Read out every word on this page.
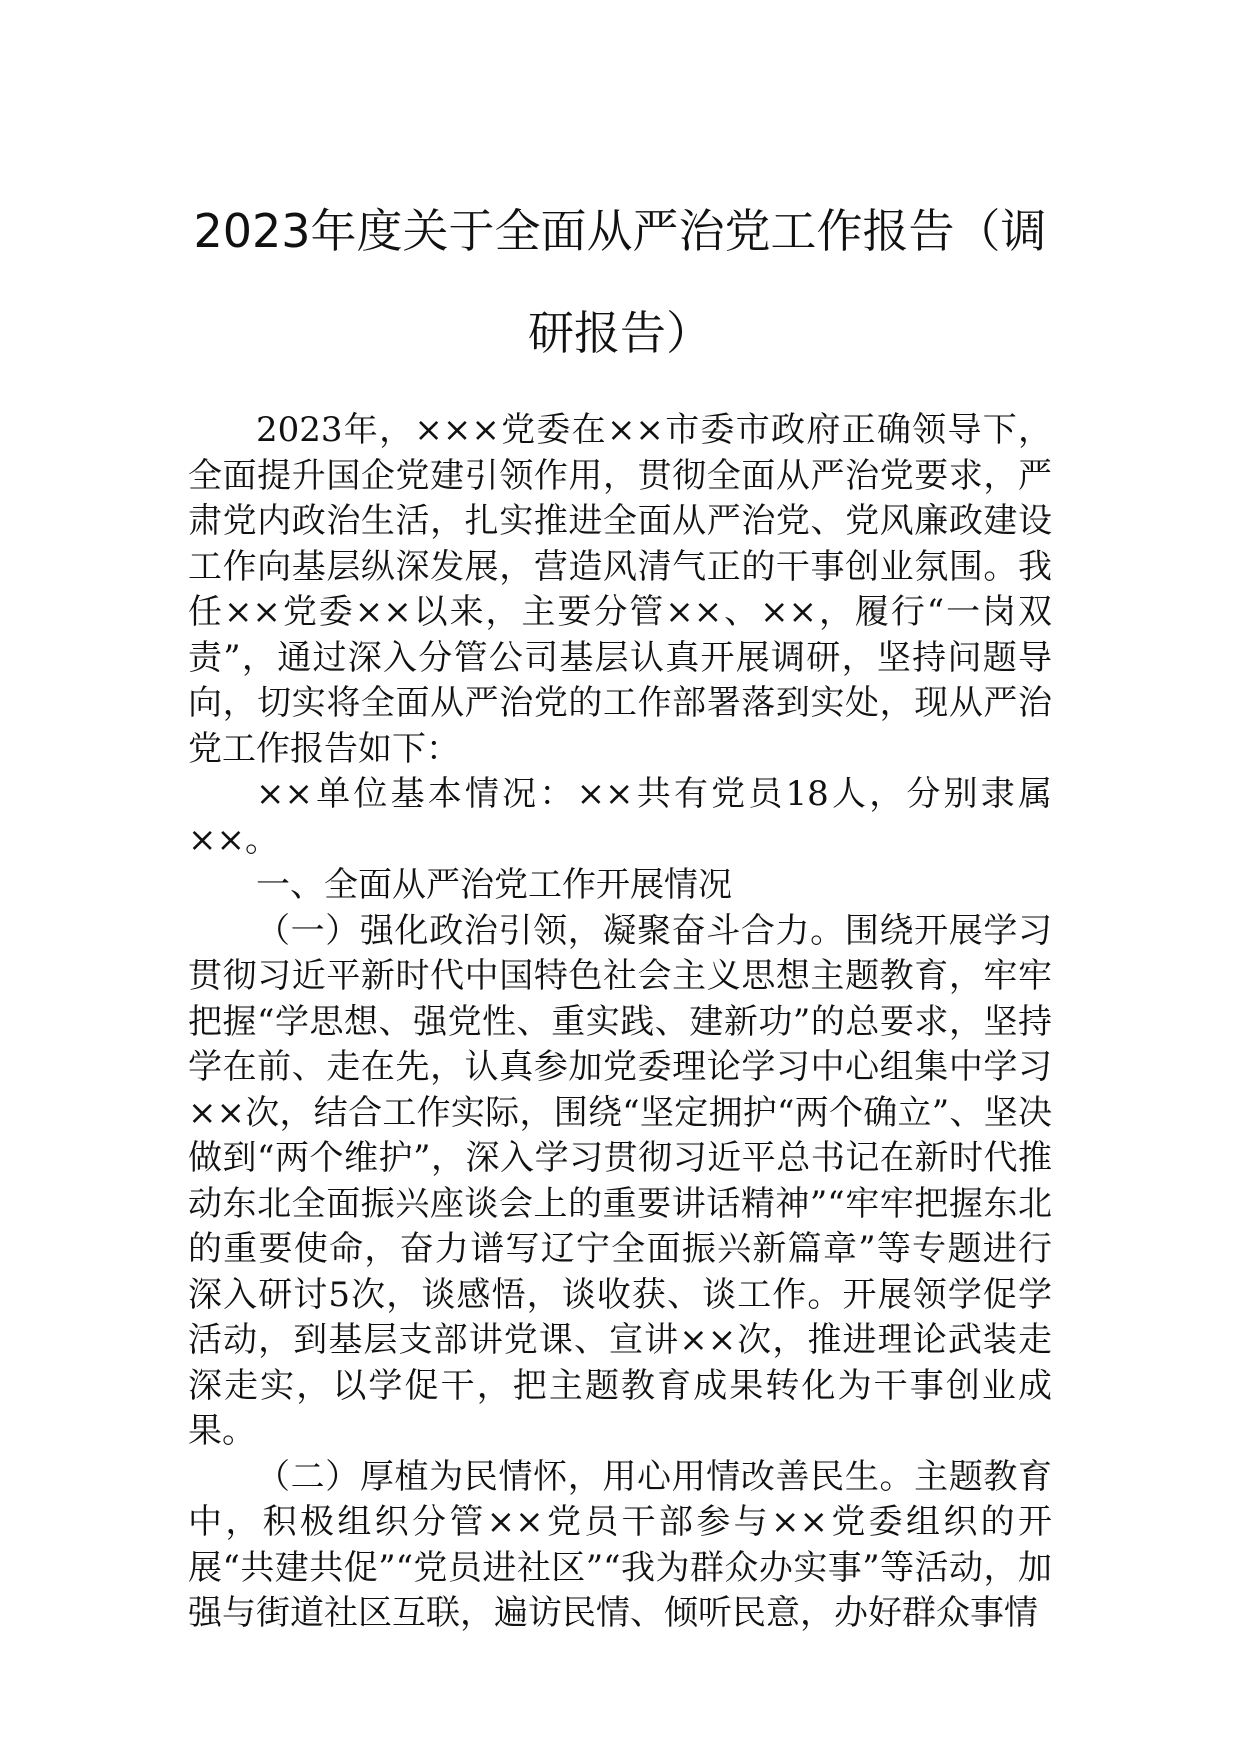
2023年度关于全面从严治党工作报告（调
研报告）

2023年，×××党委在××市委市政府正确领导下，全面提升国企党建引领作用，贯彻全面从严治党要求，严肃党内政治生活，扎实推进全面从严治党、党风廉政建设工作向基层纵深发展，营造风清气正的干事创业氛围。我任××党委××以来，主要分管××、××，履行“一岗双责”，通过深入分管公司基层认真开展调研，坚持问题导向，切实将全面从严治党的工作部署落到实处，现从严治党工作报告如下：

××单位基本情况：××共有党员18人，分别隶属××。

一、全面从严治党工作开展情况

（一）强化政治引领，凝聚奋斗合力。围绕开展学习贯彻习近平新时代中国特色社会主义思想主题教育，牢牢把握“学思想、强党性、重实践、建新功”的总要求，坚持学在前、走在先，认真参加党委理论学习中心组集中学习××次，结合工作实际，围绕“坚定拥护“两个确立”、坚决做到“两个维护”，深入学习贯彻习近平总书记在新时代推动东北全面振兴座谈会上的重要讲话精神”“牢牢把握东北的重要使命，奋力谱写辽宁全面振兴新篇章”等专题进行深入研讨5次，谈感悟，谈收获、谈工作。开展领学促学活动，到基层支部讲党课、宣讲××次，推进理论武装走深走实，以学促干，把主题教育成果转化为干事创业成果。

（二）厚植为民情怀，用心用情改善民生。主题教育中，积极组织分管××党员干部参与××党委组织的开展“共建共促”“党员进社区”“我为群众办实事”等活动，加强与街道社区互联，遍访民情、倾听民意，办好群众事情
